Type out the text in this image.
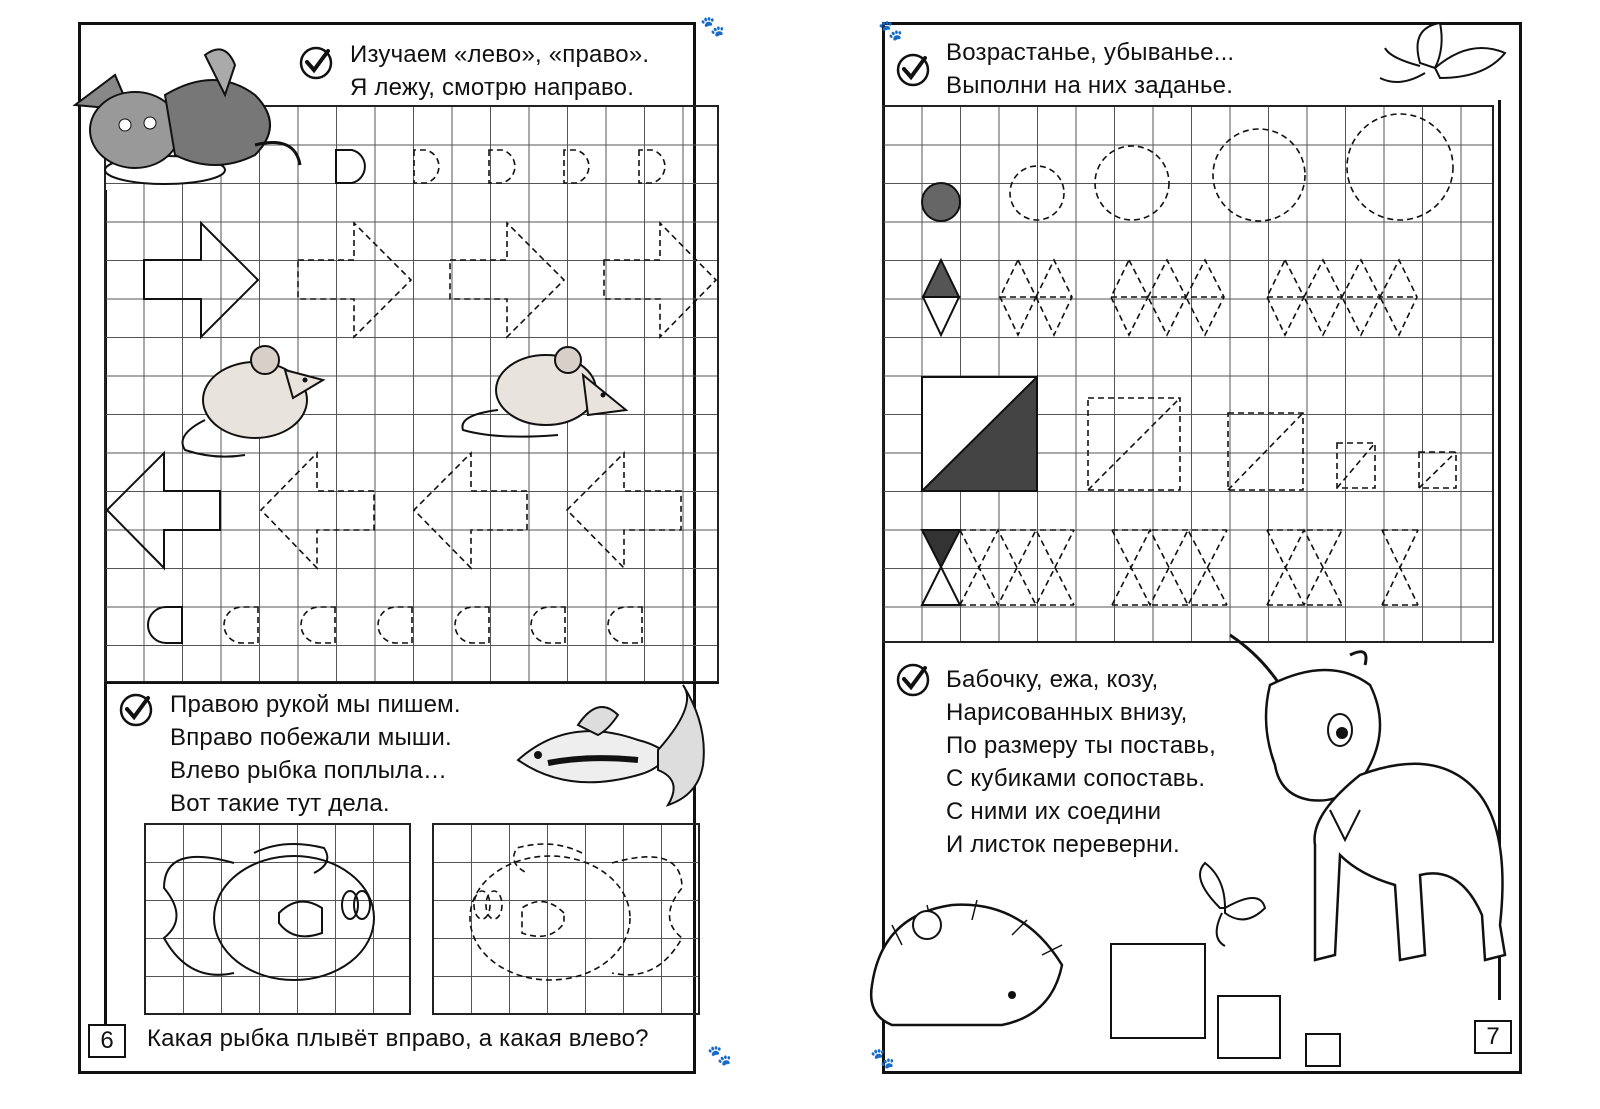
Изучаем «лево», «право».
Я лежу, смотрю направо.
🐾
Правою рукой мы пишем.
Вправо побежали мыши.
Влево рыбка поплыла…
Вот такие тут дела.
6	Какая рыбка плывёт вправо, а какая влево?
🐾
🐾
Возрастанье, убыванье...
Выполни на них заданье.
Бабочку, ежа, козу,
Нарисованных внизу,
По размеру ты поставь,
С кубиками сопоставь.
С ними их соедини
И листок переверни.
7
🐾
